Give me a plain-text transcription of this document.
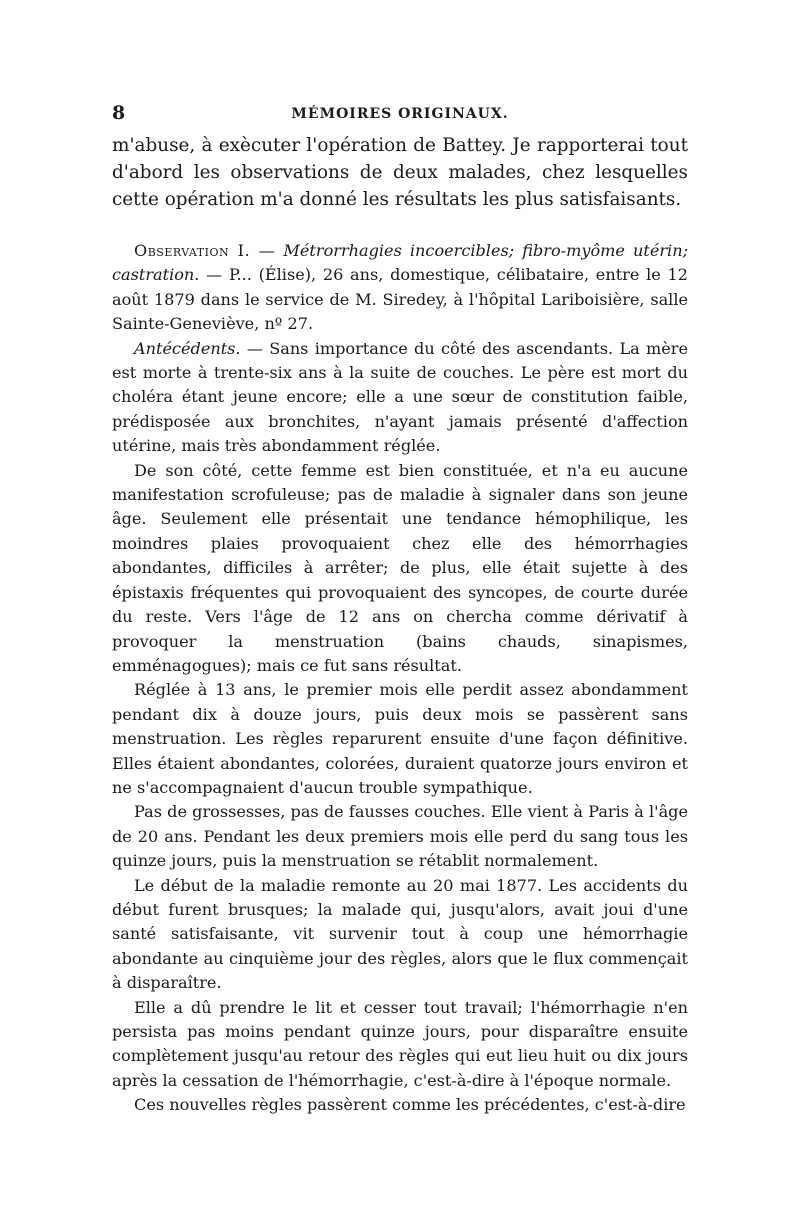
8	MÉMOIRES ORIGINAUX.

m'abuse, à exècuter l'opération de Battey. Je rapporterai tout d'abord les observations de deux malades, chez lesquelles cette opération m'a donné les résultats les plus satisfaisants.

Observation I. — Métrorrhagies incoercibles; fibro-myôme utérin; castration. — P... (Élise), 26 ans, domestique, célibataire, entre le 12 août 1879 dans le service de M. Siredey, à l'hôpital Lariboisière, salle Sainte-Geneviève, nº 27.

Antécédents. — Sans importance du côté des ascendants. La mère est morte à trente-six ans à la suite de couches. Le père est mort du choléra étant jeune encore; elle a une sœur de constitution faible, prédisposée aux bronchites, n'ayant jamais présenté d'affection utérine, mais très abondamment réglée.

De son côté, cette femme est bien constituée, et n'a eu aucune manifestation scrofuleuse; pas de maladie à signaler dans son jeune âge. Seulement elle présentait une tendance hémophilique, les moindres plaies provoquaient chez elle des hémorrhagies abondantes, difficiles à arrêter; de plus, elle était sujette à des épistaxis fréquentes qui provoquaient des syncopes, de courte durée du reste. Vers l'âge de 12 ans on chercha comme dérivatif à provoquer la menstruation (bains chauds, sinapismes, emménagogues); mais ce fut sans résultat.

Réglée à 13 ans, le premier mois elle perdit assez abondamment pendant dix à douze jours, puis deux mois se passèrent sans menstruation. Les règles reparurent ensuite d'une façon définitive. Elles étaient abondantes, colorées, duraient quatorze jours environ et ne s'accompagnaient d'aucun trouble sympathique.

Pas de grossesses, pas de fausses couches. Elle vient à Paris à l'âge de 20 ans. Pendant les deux premiers mois elle perd du sang tous les quinze jours, puis la menstruation se rétablit normalement.

Le début de la maladie remonte au 20 mai 1877. Les accidents du début furent brusques; la malade qui, jusqu'alors, avait joui d'une santé satisfaisante, vit survenir tout à coup une hémorrhagie abondante au cinquième jour des règles, alors que le flux commençait à disparaître.

Elle a dû prendre le lit et cesser tout travail; l'hémorrhagie n'en persista pas moins pendant quinze jours, pour disparaître ensuite complètement jusqu'au retour des règles qui eut lieu huit ou dix jours après la cessation de l'hémorrhagie, c'est-à-dire à l'époque normale.

Ces nouvelles règles passèrent comme les précédentes, c'est-à-dire
